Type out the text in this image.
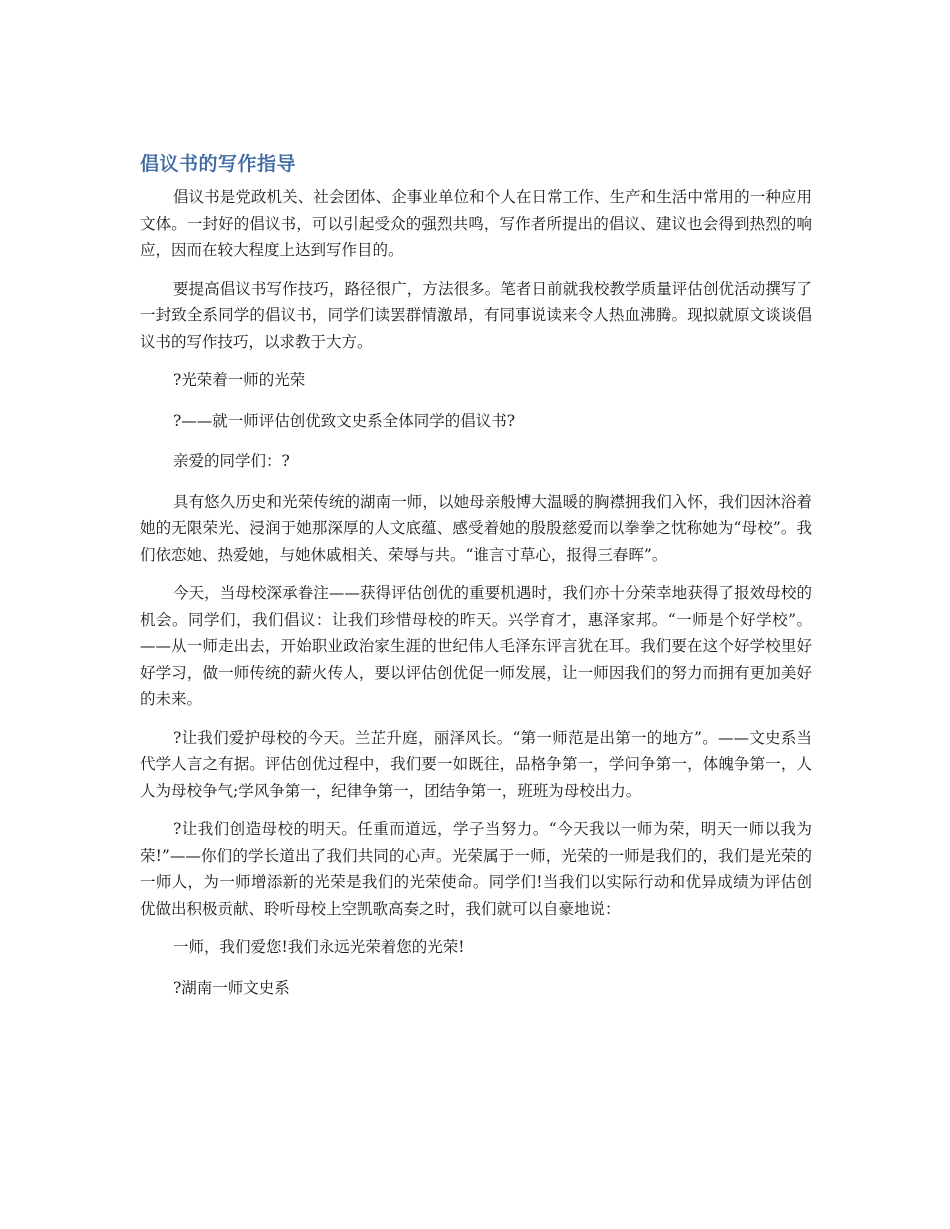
倡议书的写作指导

倡议书是党政机关、社会团体、企事业单位和个人在日常工作、生产和生活中常用的一种应用文体。一封好的倡议书，可以引起受众的强烈共鸣，写作者所提出的倡议、建议也会得到热烈的响应，因而在较大程度上达到写作目的。

要提高倡议书写作技巧，路径很广，方法很多。笔者日前就我校教学质量评估创优活动撰写了一封致全系同学的倡议书，同学们读罢群情激昂，有同事说读来令人热血沸腾。现拟就原文谈谈倡议书的写作技巧，以求教于大方。

?光荣着一师的光荣

?——就一师评估创优致文史系全体同学的倡议书?

亲爱的同学们：?

具有悠久历史和光荣传统的湖南一师，以她母亲般博大温暖的胸襟拥我们入怀，我们因沐浴着她的无限荣光、浸润于她那深厚的人文底蕴、感受着她的殷殷慈爱而以拳拳之忱称她为“母校”。我们依恋她、热爱她，与她休戚相关、荣辱与共。“谁言寸草心，报得三春晖”。

今天，当母校深承眷注——获得评估创优的重要机遇时，我们亦十分荣幸地获得了报效母校的机会。同学们，我们倡议：让我们珍惜母校的昨天。兴学育才，惠泽家邦。“一师是个好学校”。——从一师走出去，开始职业政治家生涯的世纪伟人毛泽东评言犹在耳。我们要在这个好学校里好好学习，做一师传统的薪火传人，要以评估创优促一师发展，让一师因我们的努力而拥有更加美好的未来。

?让我们爱护母校的今天。兰芷升庭，丽泽风长。“第一师范是出第一的地方”。——文史系当代学人言之有据。评估创优过程中，我们要一如既往，品格争第一，学问争第一，体魄争第一，人人为母校争气;学风争第一，纪律争第一，团结争第一，班班为母校出力。

?让我们创造母校的明天。任重而道远，学子当努力。“今天我以一师为荣，明天一师以我为荣!”——你们的学长道出了我们共同的心声。光荣属于一师，光荣的一师是我们的，我们是光荣的一师人，为一师增添新的光荣是我们的光荣使命。同学们!当我们以实际行动和优异成绩为评估创优做出积极贡献、聆听母校上空凯歌高奏之时，我们就可以自豪地说：

一师，我们爱您!我们永远光荣着您的光荣!

?湖南一师文史系
